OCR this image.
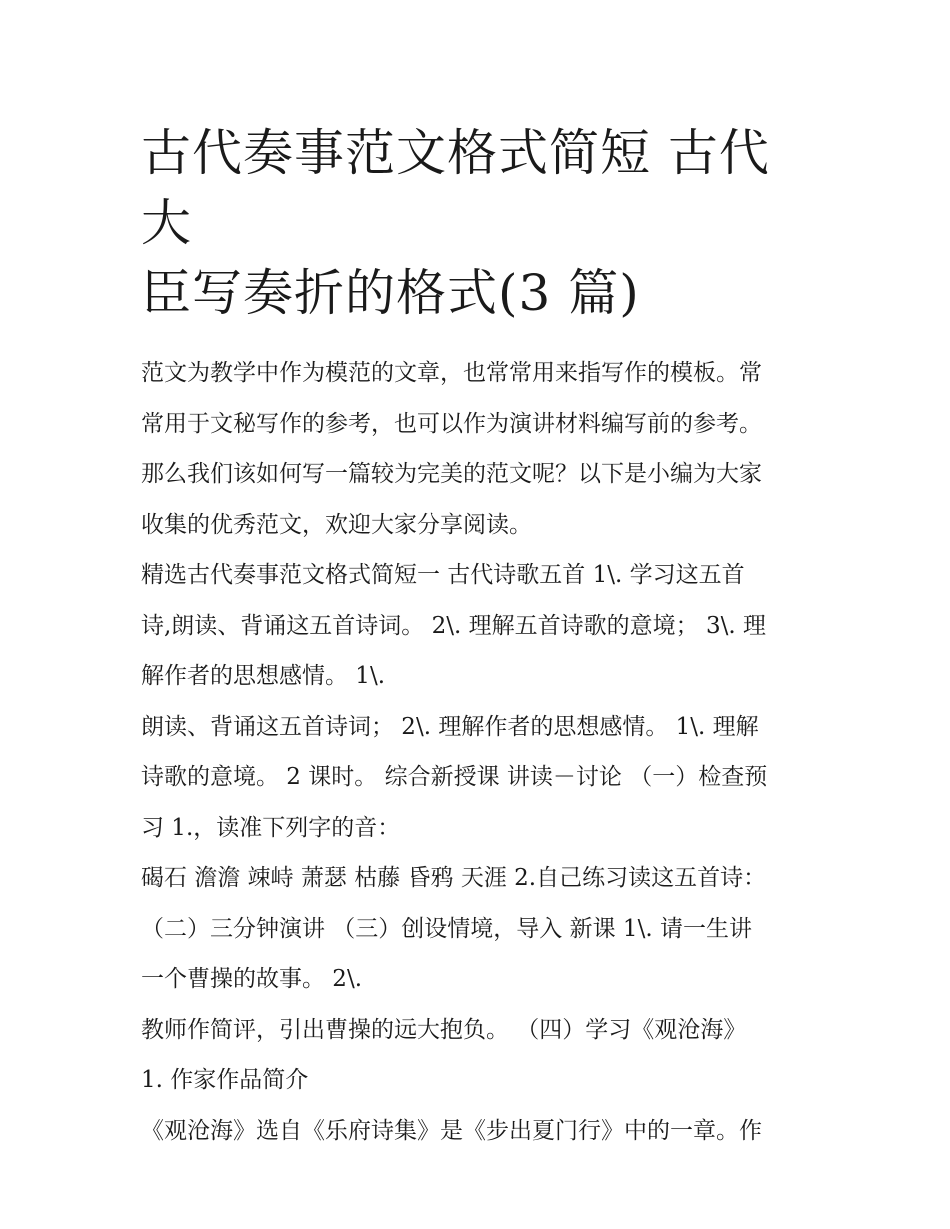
古代奏事范文格式简短 古代大
臣写奏折的格式(3 篇)
范文为教学中作为模范的文章，也常常用来指写作的模板。常
常用于文秘写作的参考，也可以作为演讲材料编写前的参考。
那么我们该如何写一篇较为完美的范文呢？以下是小编为大家
收集的优秀范文，欢迎大家分享阅读。
精选古代奏事范文格式简短一 古代诗歌五首 1\. 学习这五首
诗,朗读、背诵这五首诗词。 2\. 理解五首诗歌的意境； 3\. 理
解作者的思想感情。 1\.
朗读、背诵这五首诗词； 2\. 理解作者的思想感情。 1\. 理解
诗歌的意境。 2 课时。 综合新授课 讲读－讨论 （一）检查预
习 1.，读准下列字的音：
碣石 澹澹 竦峙 萧瑟 枯藤 昏鸦 天涯 2.自己练习读这五首诗：
（二）三分钟演讲 （三）创设情境，导入 新课 1\. 请一生讲
一个曹操的故事。 2\.
教师作简评，引出曹操的远大抱负。 （四）学习《观沧海》
1. 作家作品简介
《观沧海》选自《乐府诗集》是《步出夏门行》中的一章。作
